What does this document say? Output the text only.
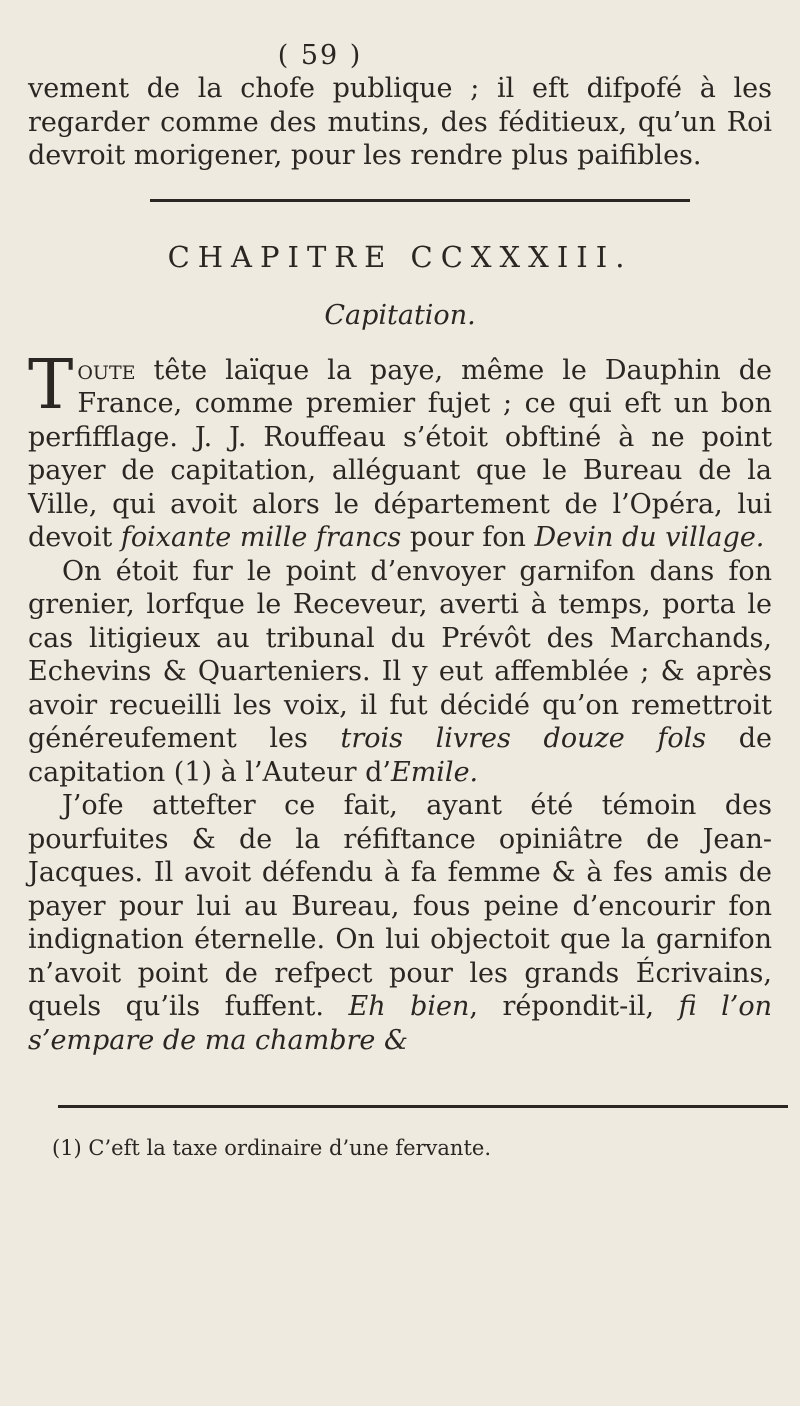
( 59 )

vement de la chofe publique ; il eft difpofé à les regarder comme des mutins, des féditieux, qu’un Roi devroit morigener, pour les rendre plus paifibles.

CHAPITRE CCXXXIII.
Capitation.

Toute tête laïque la paye, même le Dauphin de France, comme premier fujet ; ce qui eft un bon perfifflage. J. J. Rouffeau s’étoit obftiné à ne point payer de capitation, alléguant que le Bureau de la Ville, qui avoit alors le département de l’Opéra, lui devoit foixante mille francs pour fon Devin du village.

On étoit fur le point d’envoyer garnifon dans fon grenier, lorfque le Receveur, averti à temps, porta le cas litigieux au tribunal du Prévôt des Marchands, Echevins & Quarteniers. Il y eut affemblée ; & après avoir recueilli les voix, il fut décidé qu’on remettroit généreufement les trois livres douze fols de capitation (1) à l’Auteur d’Emile.

J’ofe attefter ce fait, ayant été témoin des pourfuites & de la réfiftance opiniâtre de Jean-Jacques. Il avoit défendu à fa femme & à fes amis de payer pour lui au Bureau, fous peine d’encourir fon indignation éternelle. On lui objectoit que la garnifon n’avoit point de refpect pour les grands Écrivains, quels qu’ils fuffent. Eh bien, répondit-il, fi l’on s’empare de ma chambre &

(1) C’eft la taxe ordinaire d’une fervante.
